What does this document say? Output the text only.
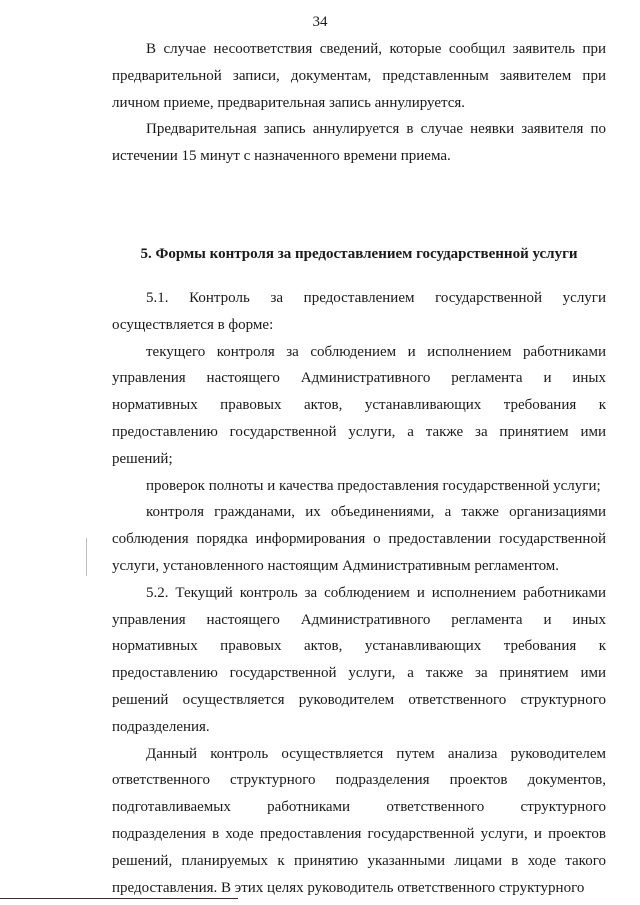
34

В случае несоответствия сведений, которые сообщил заявитель при предварительной записи, документам, представленным заявителем при личном приеме, предварительная запись аннулируется.

Предварительная запись аннулируется в случае неявки заявителя по истечении 15 минут с назначенного времени приема.

5. Формы контроля за предоставлением государственной услуги

5.1. Контроль за предоставлением государственной услуги осуществляется в форме:

текущего контроля за соблюдением и исполнением работниками управления настоящего Административного регламента и иных нормативных правовых актов, устанавливающих требования к предоставлению государственной услуги, а также за принятием ими решений;

проверок полноты и качества предоставления государственной услуги;

контроля гражданами, их объединениями, а также организациями соблюдения порядка информирования о предоставлении государственной услуги, установленного настоящим Административным регламентом.

5.2. Текущий контроль за соблюдением и исполнением работниками управления настоящего Административного регламента и иных нормативных правовых актов, устанавливающих требования к предоставлению государственной услуги, а также за принятием ими решений осуществляется руководителем ответственного структурного подразделения.

Данный контроль осуществляется путем анализа руководителем ответственного структурного подразделения проектов документов, подготавливаемых работниками ответственного структурного подразделения в ходе предоставления государственной услуги, и проектов решений, планируемых к принятию указанными лицами в ходе такого предоставления. В этих целях руководитель ответственного структурного
